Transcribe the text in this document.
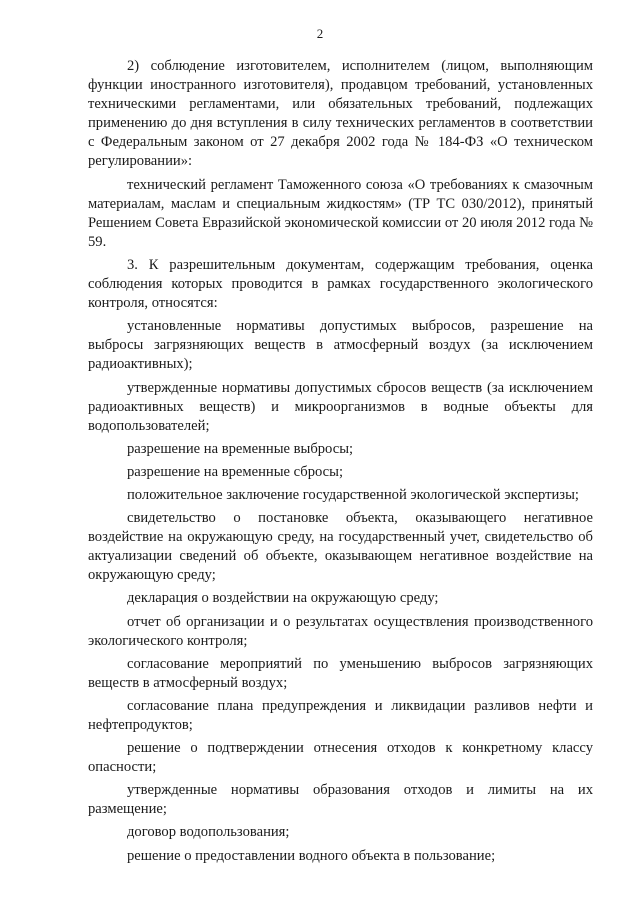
2

2) соблюдение изготовителем, исполнителем (лицом, выполняющим функции иностранного изготовителя), продавцом требований, установленных техническими регламентами, или обязательных требований, подлежащих применению до дня вступления в силу технических регламентов в соответствии с Федеральным законом от 27 декабря 2002 года № 184-ФЗ «О техническом регулировании»:

технический регламент Таможенного союза «О требованиях к смазочным материалам, маслам и специальным жидкостям» (ТР ТС 030/2012), принятый Решением Совета Евразийской экономической комиссии от 20 июля 2012 года № 59.

3. К разрешительным документам, содержащим требования, оценка соблюдения которых проводится в рамках государственного экологического контроля, относятся:

установленные нормативы допустимых выбросов, разрешение на выбросы загрязняющих веществ в атмосферный воздух (за исключением радиоактивных);

утвержденные нормативы допустимых сбросов веществ (за исключением радиоактивных веществ) и микроорганизмов в водные объекты для водопользователей;

разрешение на временные выбросы;

разрешение на временные сбросы;

положительное заключение государственной экологической экспертизы;

свидетельство о постановке объекта, оказывающего негативное воздействие на окружающую среду, на государственный учет, свидетельство об актуализации сведений об объекте, оказывающем негативное воздействие на окружающую среду;

декларация о воздействии на окружающую среду;

отчет об организации и о результатах осуществления производственного экологического контроля;

согласование мероприятий по уменьшению выбросов загрязняющих веществ в атмосферный воздух;

согласование плана предупреждения и ликвидации разливов нефти и нефтепродуктов;

решение о подтверждении отнесения отходов к конкретному классу опасности;

утвержденные нормативы образования отходов и лимиты на их размещение;

договор водопользования;

решение о предоставлении водного объекта в пользование;
